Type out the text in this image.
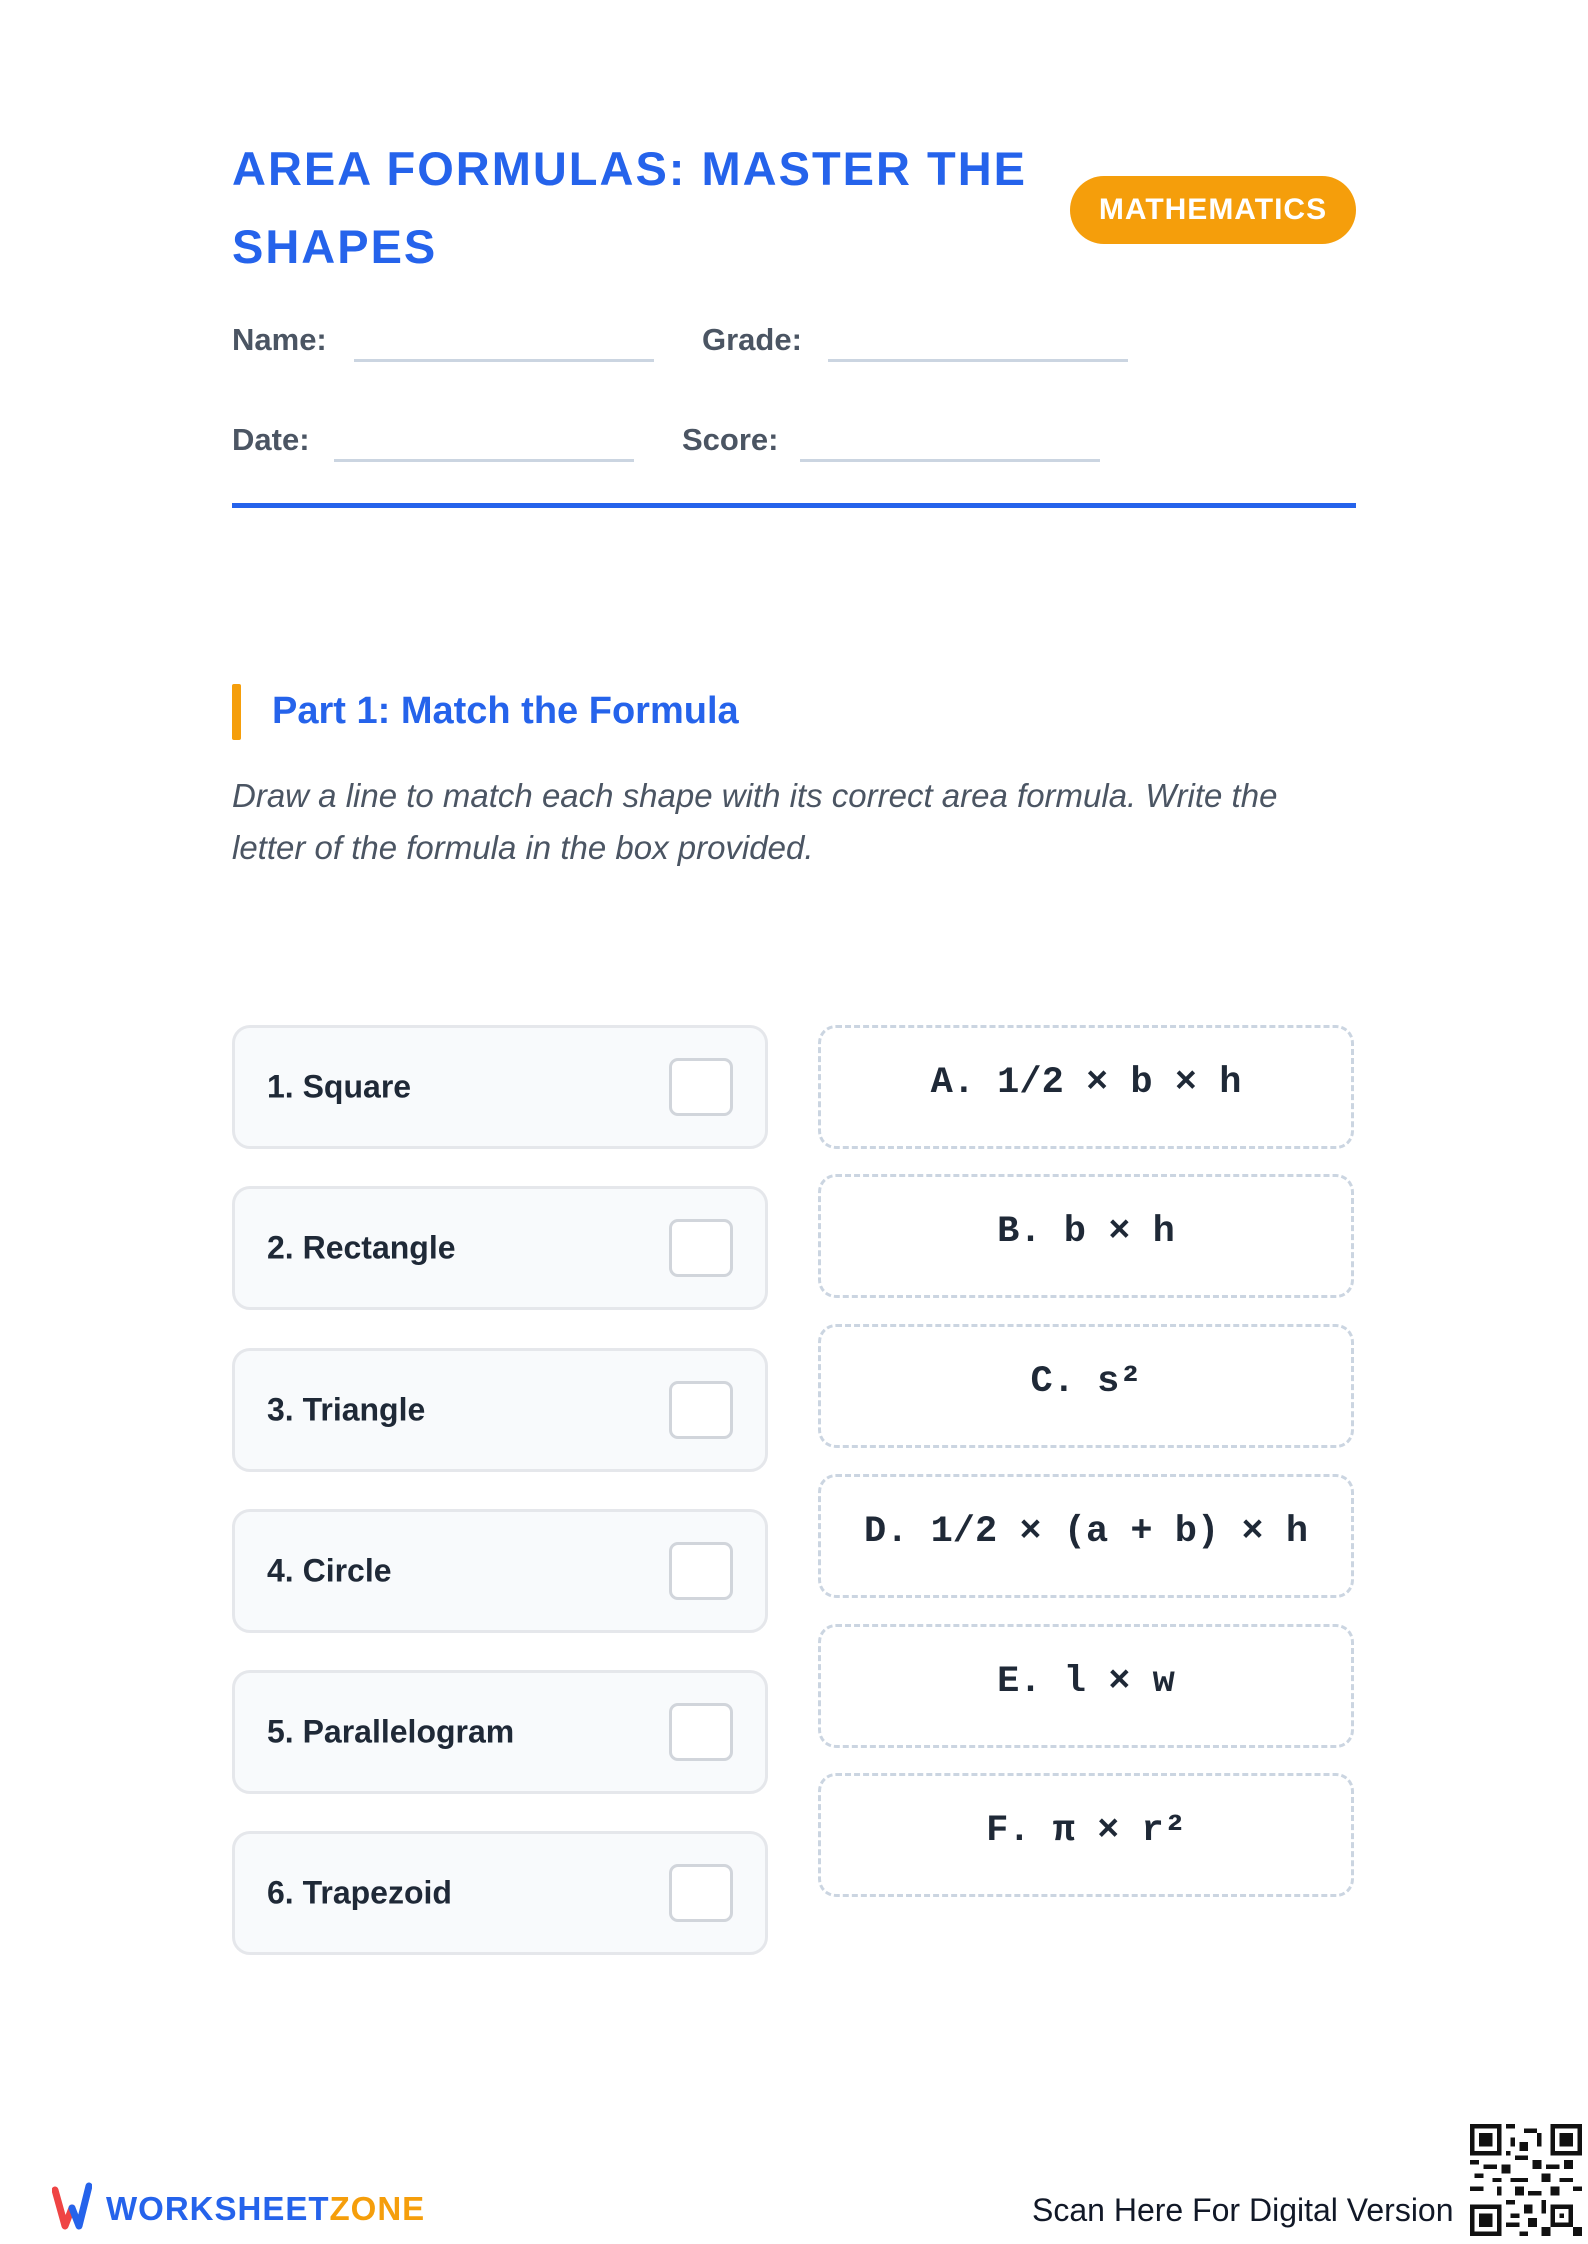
AREA FORMULAS: MASTER THE
SHAPES
MATHEMATICS
Name:	Grade:
Date:	Score:
Part 1: Match the Formula

Draw a line to match each shape with its correct area formula. Write the letter of the formula in the box provided.

1. Square
2. Rectangle
3. Triangle
4. Circle
5. Parallelogram
6. Trapezoid
A. 1/2 × b × h
B. b × h
C. s²
D. 1/2 × (a + b) × h
E. l × w
F. π × r²
WORKSHEETZONE	Scan Here For Digital Version
